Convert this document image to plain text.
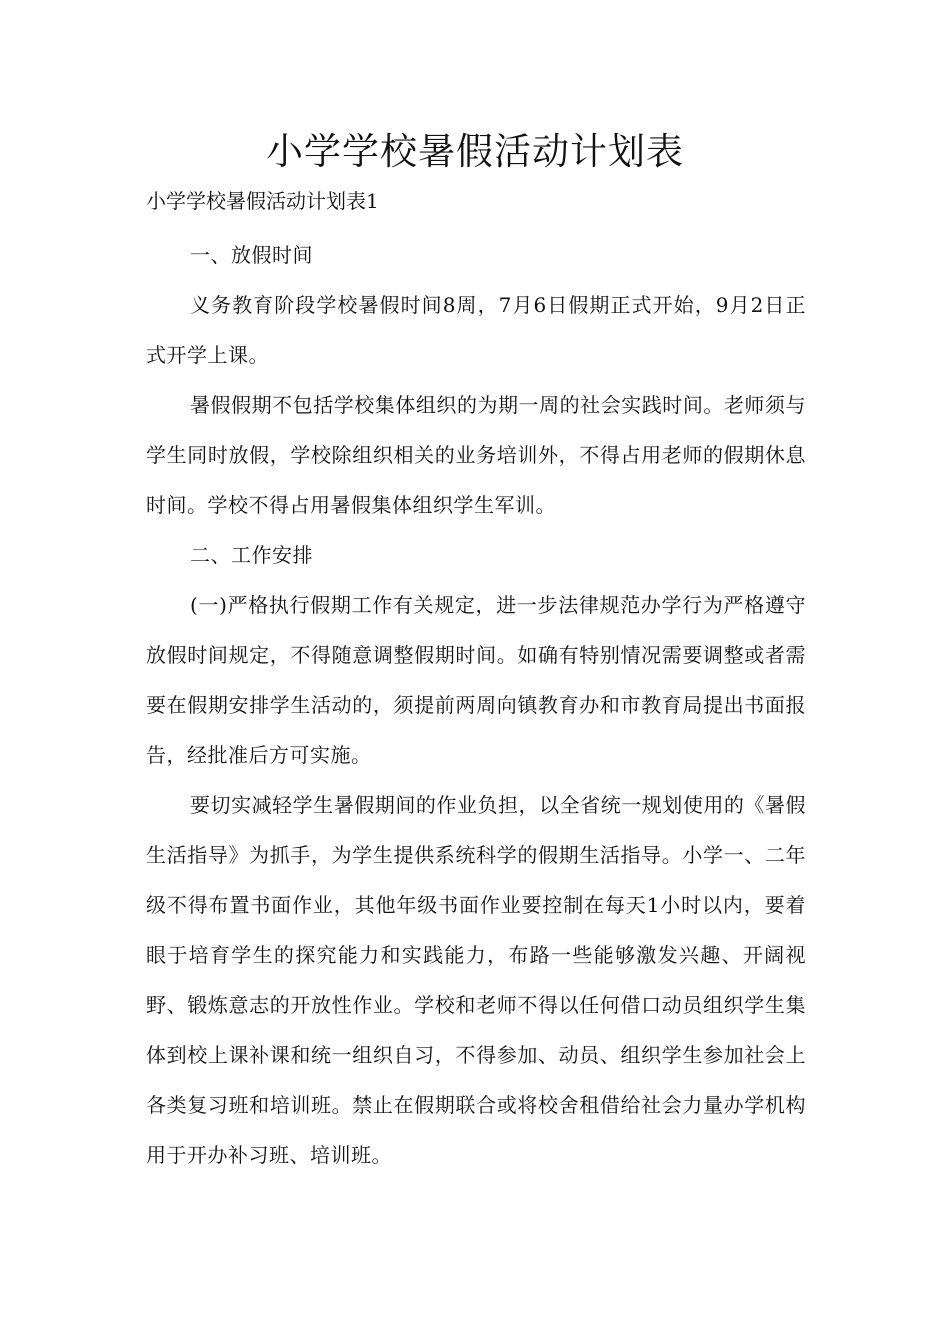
小学学校暑假活动计划表

小学学校暑假活动计划表1

一、放假时间

义务教育阶段学校暑假时间8周，7月6日假期正式开始，9月2日正式开学上课。

暑假假期不包括学校集体组织的为期一周的社会实践时间。老师须与学生同时放假，学校除组织相关的业务培训外，不得占用老师的假期休息时间。学校不得占用暑假集体组织学生军训。

二、工作安排

(一)严格执行假期工作有关规定，进一步法律规范办学行为严格遵守放假时间规定，不得随意调整假期时间。如确有特别情况需要调整或者需要在假期安排学生活动的，须提前两周向镇教育办和市教育局提出书面报告，经批准后方可实施。

要切实减轻学生暑假期间的作业负担，以全省统一规划使用的《暑假生活指导》为抓手，为学生提供系统科学的假期生活指导。小学一、二年级不得布置书面作业，其他年级书面作业要控制在每天1小时以内，要着眼于培育学生的探究能力和实践能力，布路一些能够激发兴趣、开阔视野、锻炼意志的开放性作业。学校和老师不得以任何借口动员组织学生集体到校上课补课和统一组织自习，不得参加、动员、组织学生参加社会上各类复习班和培训班。禁止在假期联合或将校舍租借给社会力量办学机构用于开办补习班、培训班。
